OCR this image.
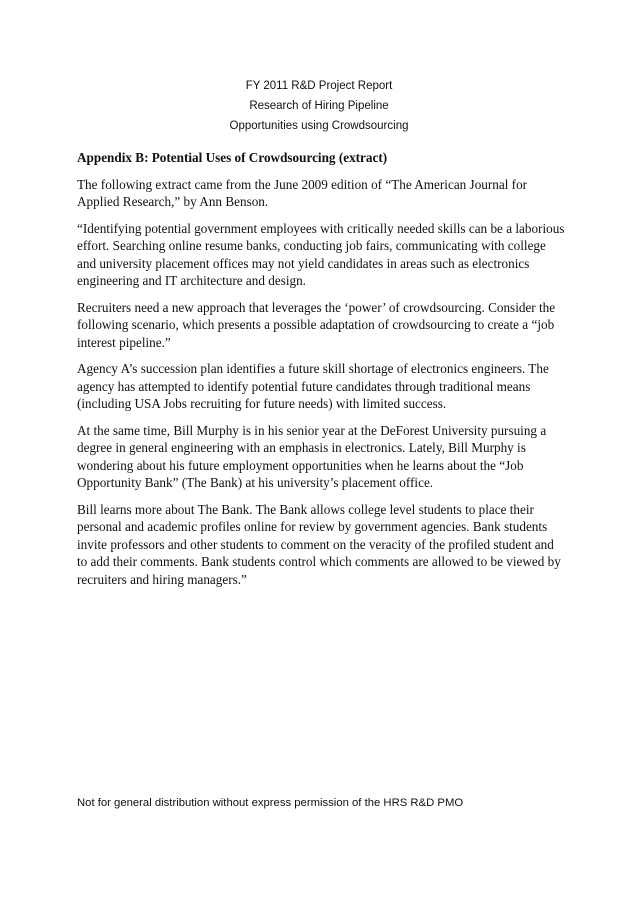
FY 2011 R&D Project Report
Research of Hiring Pipeline
Opportunities using Crowdsourcing
Appendix B: Potential Uses of Crowdsourcing (extract)

The following extract came from the June 2009 edition of “The American Journal for Applied Research,” by Ann Benson.

“Identifying potential government employees with critically needed skills can be a laborious effort. Searching online resume banks, conducting job fairs, communicating with college and university placement offices may not yield candidates in areas such as electronics engineering and IT architecture and design.

Recruiters need a new approach that leverages the ‘power’ of crowdsourcing. Consider the following scenario, which presents a possible adaptation of crowdsourcing to create a “job interest pipeline.”

Agency A’s succession plan identifies a future skill shortage of electronics engineers. The agency has attempted to identify potential future candidates through traditional means (including USA Jobs recruiting for future needs) with limited success.

At the same time, Bill Murphy is in his senior year at the DeForest University pursuing a degree in general engineering with an emphasis in electronics. Lately, Bill Murphy is wondering about his future employment opportunities when he learns about the “Job Opportunity Bank” (The Bank) at his university’s placement office.

Bill learns more about The Bank. The Bank allows college level students to place their personal and academic profiles online for review by government agencies. Bank students invite professors and other students to comment on the veracity of the profiled student and to add their comments. Bank students control which comments are allowed to be viewed by recruiters and hiring managers.”

Not for general distribution without express permission of the HRS R&D PMO
